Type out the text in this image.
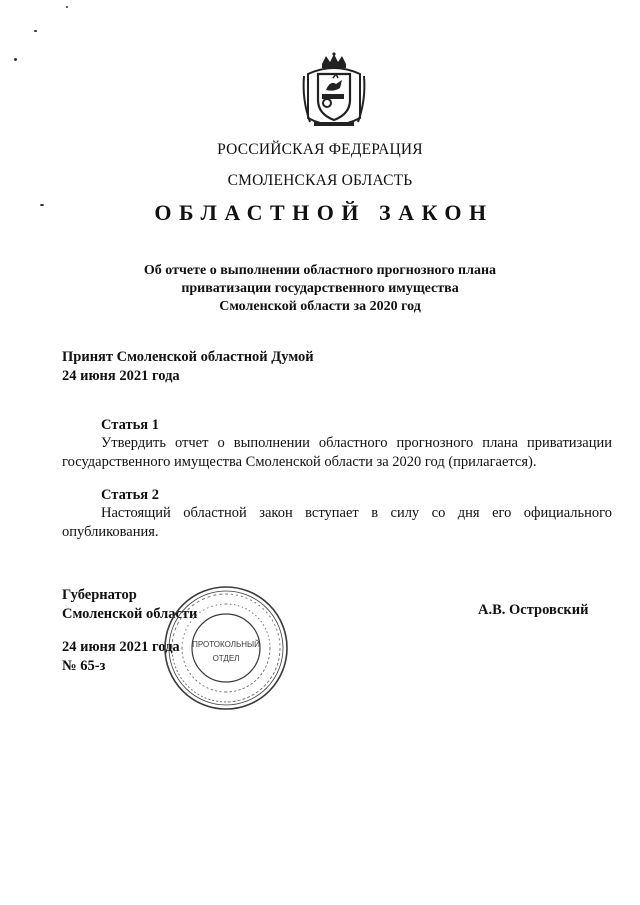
РОССИЙСКАЯ ФЕДЕРАЦИЯ
СМОЛЕНСКАЯ ОБЛАСТЬ
ОБЛАСТНОЙ ЗАКОН
Об отчете о выполнении областного прогнозного плана
приватизации государственного имущества
Смоленской области за 2020 год
Принят Смоленской областной Думой
24 июня 2021 года
Статья 1
Утвердить отчет о выполнении областного прогнозного плана приватизации государственного имущества Смоленской области за 2020 год (прилагается).
Статья 2
Настоящий областной закон вступает в силу со дня его официального опубликования.
Губернатор
Смоленской области	А.В. Островский
24 июня 2021 года
№ 65-з
ПРОТОКОЛЬНЫЙ
ОТДЕЛ
